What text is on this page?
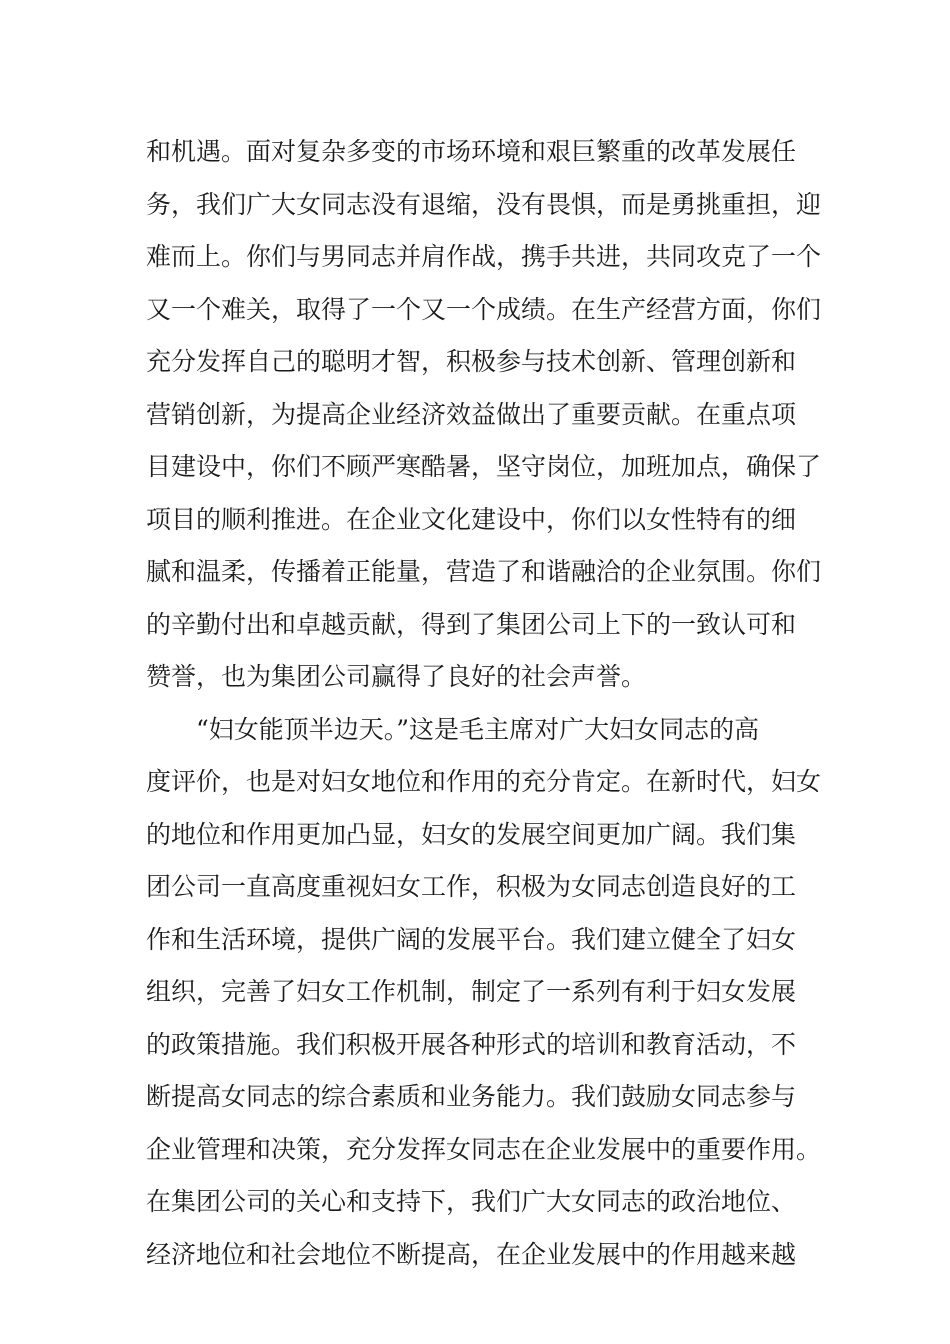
和机遇。面对复杂多变的市场环境和艰巨繁重的改革发展任
务，我们广大女同志没有退缩，没有畏惧，而是勇挑重担，迎
难而上。你们与男同志并肩作战，携手共进，共同攻克了一个
又一个难关，取得了一个又一个成绩。在生产经营方面，你们
充分发挥自己的聪明才智，积极参与技术创新、管理创新和
营销创新，为提高企业经济效益做出了重要贡献。在重点项
目建设中，你们不顾严寒酷暑，坚守岗位，加班加点，确保了
项目的顺利推进。在企业文化建设中，你们以女性特有的细
腻和温柔，传播着正能量，营造了和谐融洽的企业氛围。你们
的辛勤付出和卓越贡献，得到了集团公司上下的一致认可和
赞誉，也为集团公司赢得了良好的社会声誉。
“妇女能顶半边天。”这是毛主席对广大妇女同志的高
度评价，也是对妇女地位和作用的充分肯定。在新时代，妇女
的地位和作用更加凸显，妇女的发展空间更加广阔。我们集
团公司一直高度重视妇女工作，积极为女同志创造良好的工
作和生活环境，提供广阔的发展平台。我们建立健全了妇女
组织，完善了妇女工作机制，制定了一系列有利于妇女发展
的政策措施。我们积极开展各种形式的培训和教育活动，不
断提高女同志的综合素质和业务能力。我们鼓励女同志参与
企业管理和决策，充分发挥女同志在企业发展中的重要作用。
在集团公司的关心和支持下，我们广大女同志的政治地位、
经济地位和社会地位不断提高，在企业发展中的作用越来越
